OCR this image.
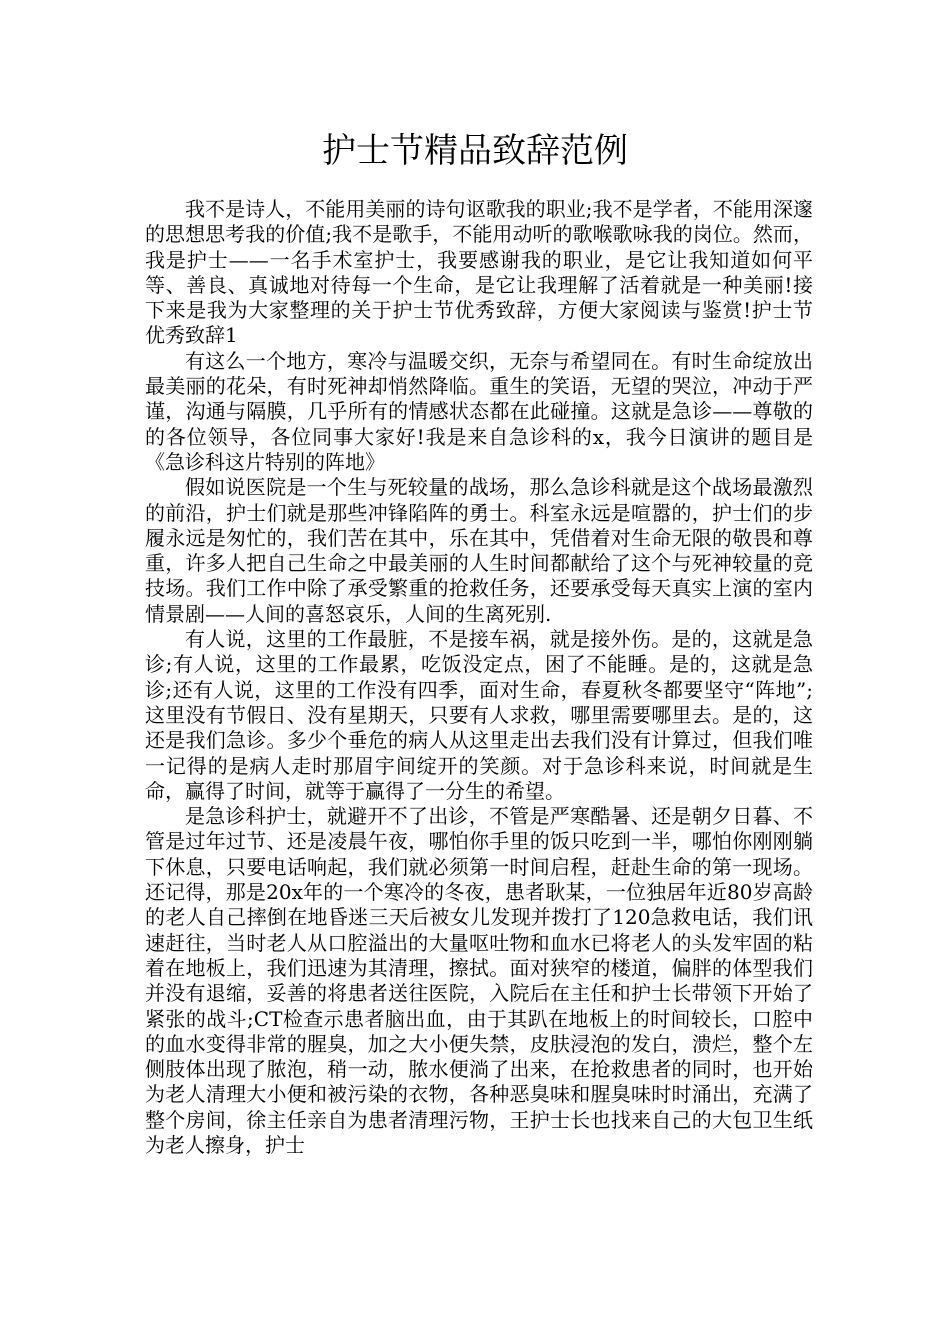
护士节精品致辞范例

我不是诗人，不能用美丽的诗句讴歌我的职业;我不是学者，不能用深邃的思想思考我的价值;我不是歌手，不能用动听的歌喉歌咏我的岗位。然而，我是护士——一名手术室护士，我要感谢我的职业，是它让我知道如何平等、善良、真诚地对待每一个生命，是它让我理解了活着就是一种美丽!接下来是我为大家整理的关于护士节优秀致辞，方便大家阅读与鉴赏!护士节优秀致辞1

有这么一个地方，寒冷与温暖交织，无奈与希望同在。有时生命绽放出最美丽的花朵，有时死神却悄然降临。重生的笑语，无望的哭泣，冲动于严谨，沟通与隔膜，几乎所有的情感状态都在此碰撞。这就是急诊——尊敬的的各位领导，各位同事大家好!我是来自急诊科的x，我今日演讲的题目是《急诊科这片特别的阵地》

假如说医院是一个生与死较量的战场，那么急诊科就是这个战场最激烈的前沿，护士们就是那些冲锋陷阵的勇士。科室永远是喧嚣的，护士们的步履永远是匆忙的，我们苦在其中，乐在其中，凭借着对生命无限的敬畏和尊重，许多人把自己生命之中最美丽的人生时间都献给了这个与死神较量的竞技场。我们工作中除了承受繁重的抢救任务，还要承受每天真实上演的室内情景剧——人间的喜怒哀乐，人间的生离死别.

有人说，这里的工作最脏，不是接车祸，就是接外伤。是的，这就是急诊;有人说，这里的工作最累，吃饭没定点，困了不能睡。是的，这就是急诊;还有人说，这里的工作没有四季，面对生命，春夏秋冬都要坚守“阵地”;这里没有节假日、没有星期天，只要有人求救，哪里需要哪里去。是的，这还是我们急诊。多少个垂危的病人从这里走出去我们没有计算过，但我们唯一记得的是病人走时那眉宇间绽开的笑颜。对于急诊科来说，时间就是生命，赢得了时间，就等于赢得了一分生的希望。

是急诊科护士，就避开不了出诊，不管是严寒酷暑、还是朝夕日暮、不管是过年过节、还是凌晨午夜，哪怕你手里的饭只吃到一半，哪怕你刚刚躺下休息，只要电话响起，我们就必须第一时间启程，赶赴生命的第一现场。还记得，那是20x年的一个寒冷的冬夜，患者耿某，一位独居年近80岁高龄的老人自己摔倒在地昏迷三天后被女儿发现并拨打了120急救电话，我们讯速赶往，当时老人从口腔溢出的大量呕吐物和血水已将老人的头发牢固的粘着在地板上，我们迅速为其清理，擦拭。面对狭窄的楼道，偏胖的体型我们并没有退缩，妥善的将患者送往医院，入院后在主任和护士长带领下开始了紧张的战斗;CT检查示患者脑出血，由于其趴在地板上的时间较长，口腔中的血水变得非常的腥臭，加之大小便失禁，皮肤浸泡的发白，溃烂，整个左侧肢体出现了脓泡，稍一动，脓水便淌了出来，在抢救患者的同时，也开始为老人清理大小便和被污染的衣物，各种恶臭味和腥臭味时时涌出，充满了整个房间，徐主任亲自为患者清理污物，王护士长也找来自己的大包卫生纸为老人擦身，护士
